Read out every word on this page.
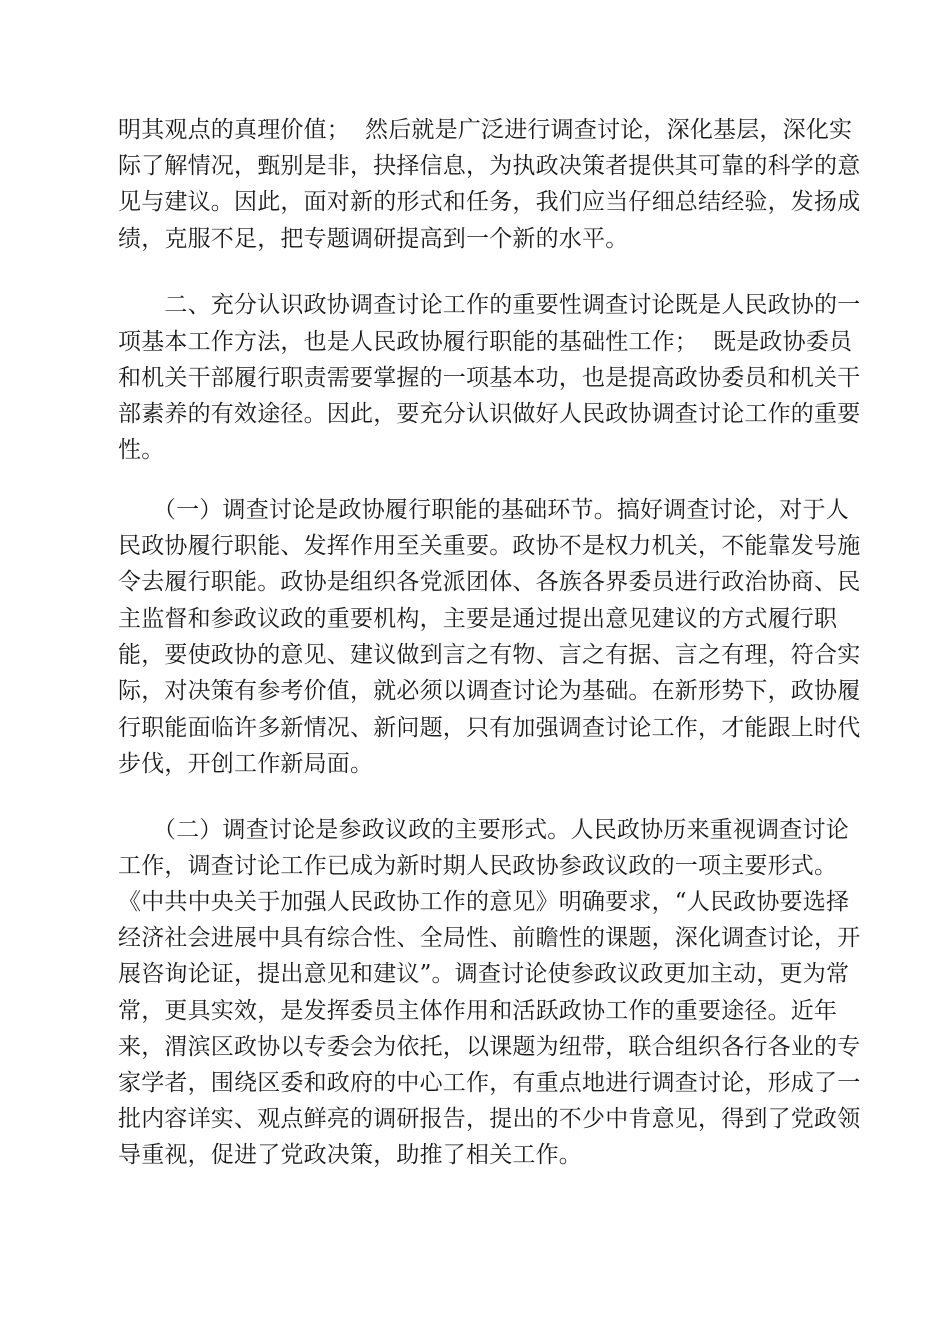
明其观点的真理价值；  然后就是广泛进行调查讨论，深化基层，深化实
际了解情况，甄别是非，抉择信息，为执政决策者提供其可靠的科学的意
见与建议。因此，面对新的形式和任务，我们应当仔细总结经验，发扬成
绩，克服不足，把专题调研提高到一个新的水平。
　　二、充分认识政协调查讨论工作的重要性调查讨论既是人民政协的一
项基本工作方法，也是人民政协履行职能的基础性工作；  既是政协委员
和机关干部履行职责需要掌握的一项基本功，也是提高政协委员和机关干
部素养的有效途径。因此，要充分认识做好人民政协调查讨论工作的重要
性。
　　（一）调查讨论是政协履行职能的基础环节。搞好调查讨论，对于人
民政协履行职能、发挥作用至关重要。政协不是权力机关，不能靠发号施
令去履行职能。政协是组织各党派团体、各族各界委员进行政治协商、民
主监督和参政议政的重要机构，主要是通过提出意见建议的方式履行职
能，要使政协的意见、建议做到言之有物、言之有据、言之有理，符合实
际，对决策有参考价值，就必须以调查讨论为基础。在新形势下，政协履
行职能面临许多新情况、新问题，只有加强调查讨论工作，才能跟上时代
步伐，开创工作新局面。
　　（二）调查讨论是参政议政的主要形式。人民政协历来重视调查讨论
工作，调查讨论工作已成为新时期人民政协参政议政的一项主要形式。
《中共中央关于加强人民政协工作的意见》明确要求，“人民政协要选择
经济社会进展中具有综合性、全局性、前瞻性的课题，深化调查讨论，开
展咨询论证，提出意见和建议”。调查讨论使参政议政更加主动，更为常
常，更具实效，是发挥委员主体作用和活跃政协工作的重要途径。近年
来，渭滨区政协以专委会为依托，以课题为纽带，联合组织各行各业的专
家学者，围绕区委和政府的中心工作，有重点地进行调查讨论，形成了一
批内容详实、观点鲜亮的调研报告，提出的不少中肯意见，得到了党政领
导重视，促进了党政决策，助推了相关工作。
